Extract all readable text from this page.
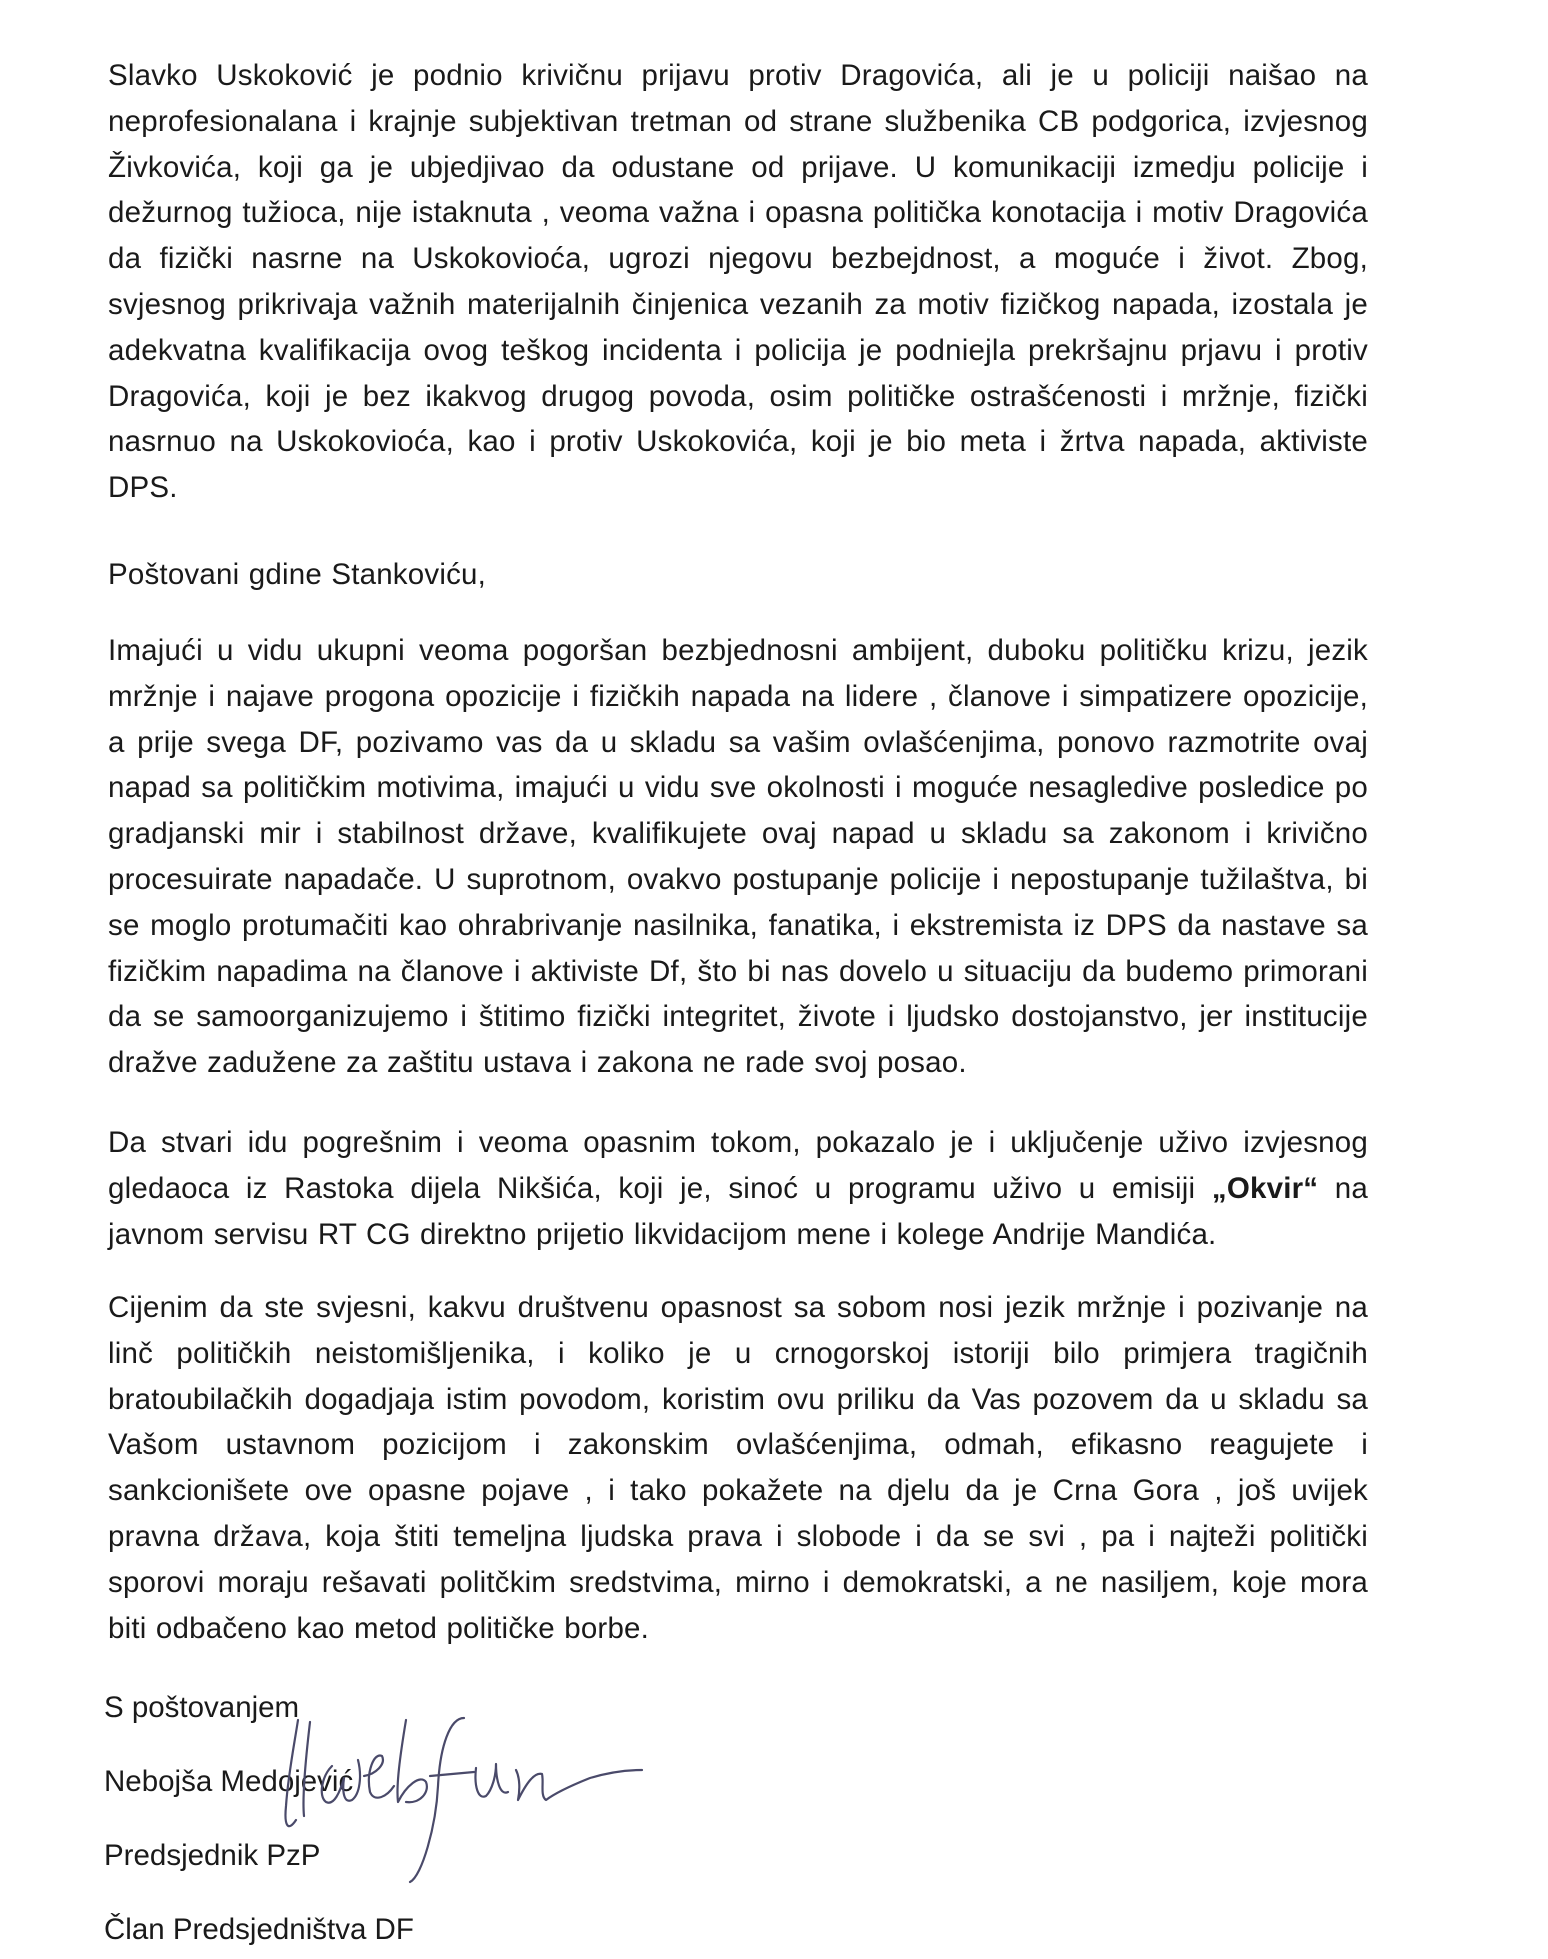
Slavko Uskoković je podnio krivičnu prijavu protiv Dragovića, ali je u policiji naišao na neprofesionalana i krajnje subjektivan tretman od strane službenika CB podgorica, izvjesnog Živkovića, koji ga je ubjedjivao da odustane od prijave. U komunikaciji izmedju policije i dežurnog tužioca, nije istaknuta , veoma važna i opasna politička konotacija i motiv Dragovića da fizički nasrne na Uskokovioća, ugrozi njegovu bezbejdnost, a moguće i život. Zbog, svjesnog prikrivaja važnih materijalnih činjenica vezanih za motiv fizičkog napada, izostala je adekvatna kvalifikacija ovog teškog incidenta i policija je podniejla prekršajnu prjavu i protiv Dragovića, koji je bez ikakvog drugog povoda, osim političke ostrašćenosti i mržnje, fizički nasrnuo na Uskokovioća, kao i protiv Uskokovića, koji je bio meta i žrtva napada, aktiviste DPS.

Poštovani gdine Stankoviću,

Imajući u vidu ukupni veoma pogoršan bezbjednosni ambijent, duboku političku krizu, jezik mržnje i najave progona opozicije i fizičkih napada na lidere , članove i simpatizere opozicije, a prije svega DF, pozivamo vas da u skladu sa vašim ovlašćenjima, ponovo razmotrite ovaj napad sa političkim motivima, imajući u vidu sve okolnosti i moguće nesagledive posledice po gradjanski mir i stabilnost države, kvalifikujete ovaj napad u skladu sa zakonom i krivično procesuirate napadače. U suprotnom, ovakvo postupanje policije i nepostupanje tužilaštva, bi se moglo protumačiti kao ohrabrivanje nasilnika, fanatika, i ekstremista iz DPS da nastave sa fizičkim napadima na članove i aktiviste Df, što bi nas dovelo u situaciju da budemo primorani da se samoorganizujemo i štitimo fizički integritet, živote i ljudsko dostojanstvo, jer institucije dražve zadužene za zaštitu ustava i zakona ne rade svoj posao.

Da stvari idu pogrešnim i veoma opasnim tokom, pokazalo je i uključenje uživo izvjesnog gledaoca iz Rastoka dijela Nikšića, koji je, sinoć u programu uživo u emisiji „Okvir“ na javnom servisu RT CG direktno prijetio likvidacijom mene i kolege Andrije Mandića.

Cijenim da ste svjesni, kakvu društvenu opasnost sa sobom nosi jezik mržnje i pozivanje na linč političkih neistomišljenika, i koliko je u crnogorskoj istoriji bilo primjera tragičnih bratoubilačkih dogadjaja istim povodom, koristim ovu priliku da Vas pozovem da u skladu sa Vašom ustavnom pozicijom i zakonskim ovlašćenjima, odmah, efikasno reagujete i sankcionišete ove opasne pojave , i tako pokažete na djelu da je Crna Gora , još uvijek pravna država, koja štiti temeljna ljudska prava i slobode i da se svi , pa i najteži politički sporovi moraju rešavati politčkim sredstvima, mirno i demokratski, a ne nasiljem, koje mora biti odbačeno kao metod političke borbe.

S poštovanjem

Nebojša Medojević

Predsjednik PzP

Član Predsjedništva DF
